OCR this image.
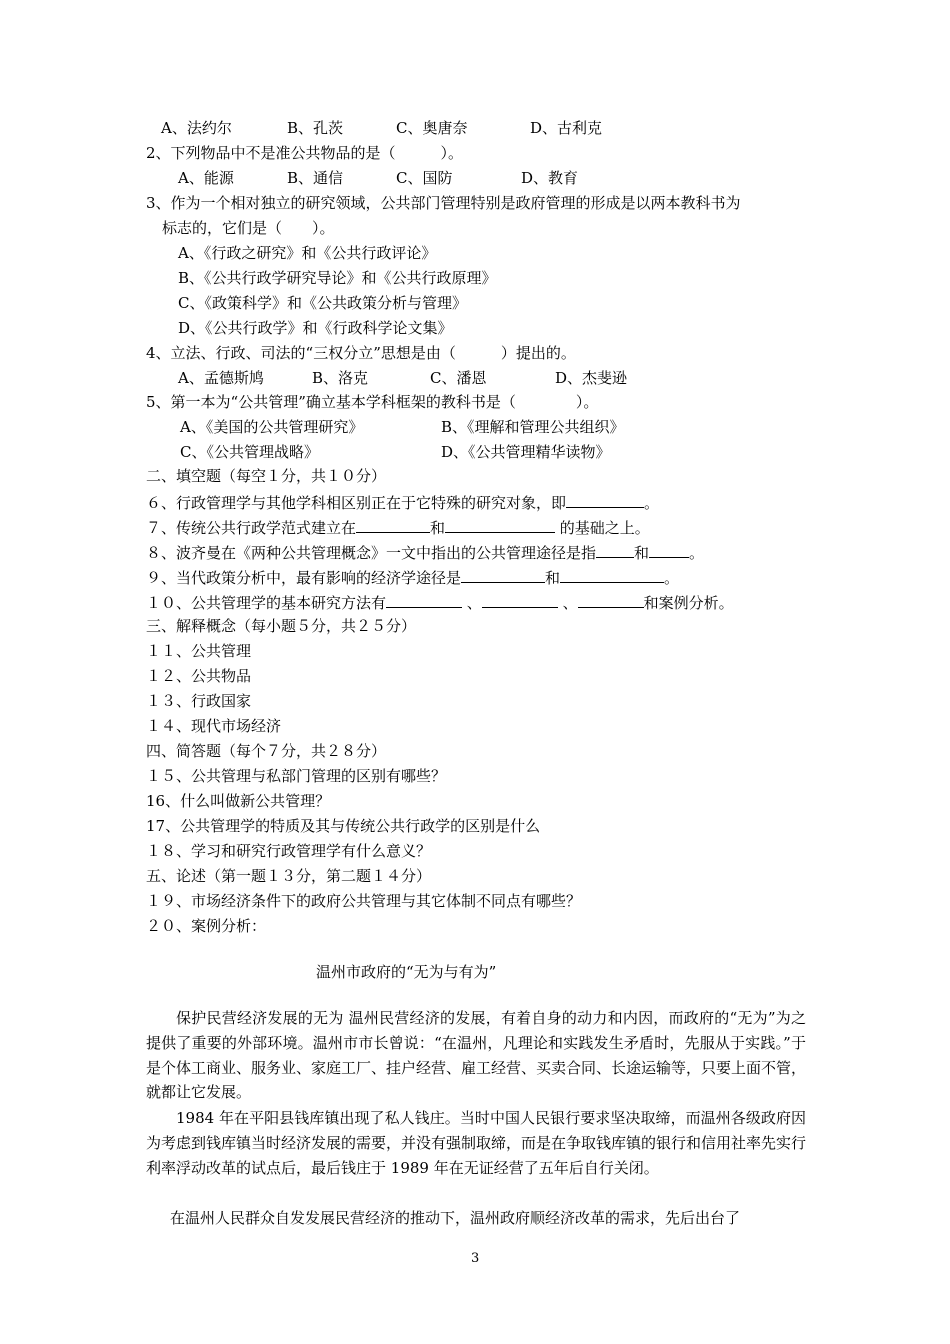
A、法约尔	B、孔茨	C、奥唐奈	D、古利克
2、下列物品中不是准公共物品的是（　　　）。
A、能源	B、通信	C、国防	D、教育
3、作为一个相对独立的研究领域，公共部门管理特别是政府管理的形成是以两本教科书为
标志的，它们是（　　）。
A、《行政之研究》和《公共行政评论》
B、《公共行政学研究导论》和《公共行政原理》
C、《政策科学》和《公共政策分析与管理》
D、《公共行政学》和《行政科学论文集》
4、立法、行政、司法的“三权分立”思想是由（　　　）提出的。
A、孟德斯鸠	B、洛克	C、潘恩	D、杰斐逊
5、第一本为“公共管理”确立基本学科框架的教科书是（　　　　）。
A、《美国的公共管理研究》	B、《理解和管理公共组织》
C、《公共管理战略》	D、《公共管理精华读物》
二、填空题（每空１分，共１０分）
６、行政管理学与其他学科相区别正在于它特殊的研究对象，即	。
７、传统公共行政学范式建立在	和	的基础之上。
８、波齐曼在《两种公共管理概念》一文中指出的公共管理途径是指	和	。
９、当代政策分析中，最有影响的经济学途径是	和	。
１０、公共管理学的基本研究方法有	、	、	和案例分析。
三、解释概念（每小题５分，共２５分）
１１、公共管理
１２、公共物品
１３、行政国家
１４、现代市场经济
四、简答题（每个７分，共２８分）
１５、公共管理与私部门管理的区别有哪些？
16、什么叫做新公共管理？
17、公共管理学的特质及其与传统公共行政学的区别是什么
１８、学习和研究行政管理学有什么意义？
五、论述（第一题１３分，第二题１４分）
１９、市场经济条件下的政府公共管理与其它体制不同点有哪些？
２０、案例分析：
温州市政府的“无为与有为”
保护民营经济发展的无为 温州民营经济的发展，有着自身的动力和内因，而政府的“无为”为之提供了重要的外部环境。温州市市长曾说：“在温州，凡理论和实践发生矛盾时，先服从于实践。”于是个体工商业、服务业、家庭工厂、挂户经营、雇工经营、买卖合同、长途运输等，只要上面不管，就都让它发展。
1984 年在平阳县钱库镇出现了私人钱庄。当时中国人民银行要求坚决取缔，而温州各级政府因为考虑到钱库镇当时经济发展的需要，并没有强制取缔，而是在争取钱库镇的银行和信用社率先实行利率浮动改革的试点后，最后钱庄于 1989 年在无证经营了五年后自行关闭。
在温州人民群众自发发展民营经济的推动下，温州政府顺经济改革的需求，先后出台了
3
